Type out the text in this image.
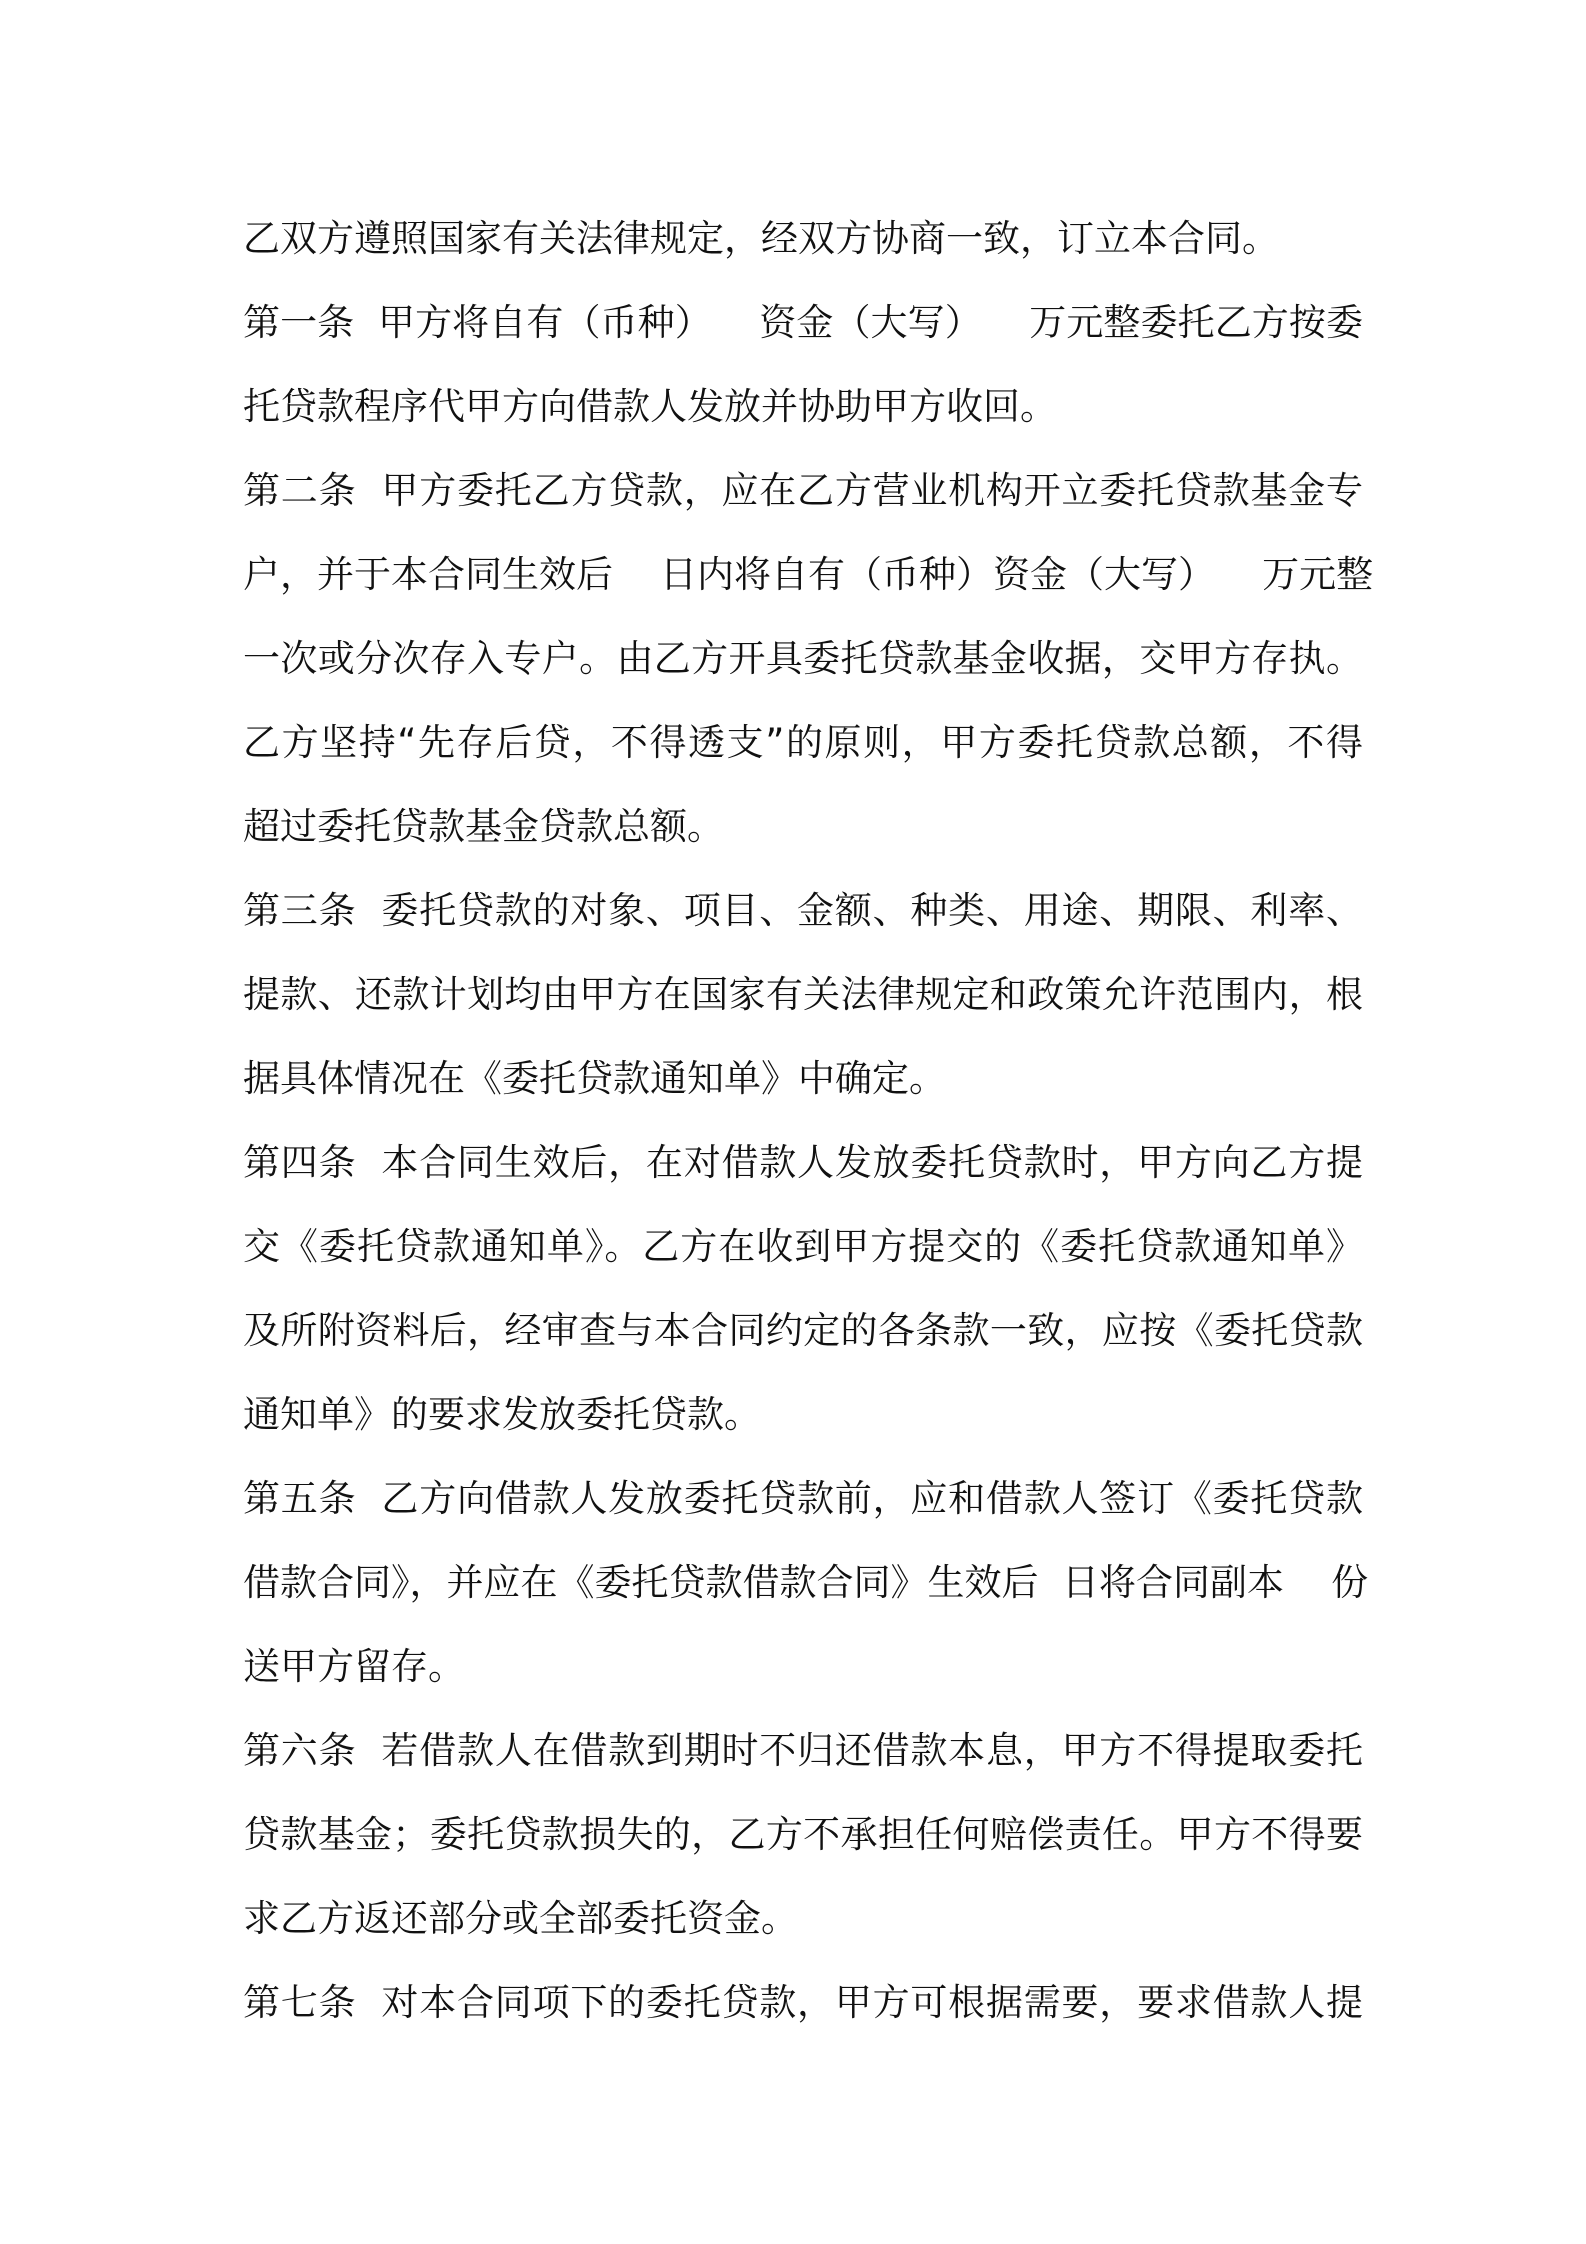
乙双方遵照国家有关法律规定，经双方协商一致，订立本合同。
第一条  甲方将自有（币种）    资金（大写）    万元整委托乙方按委
托贷款程序代甲方向借款人发放并协助甲方收回。
第二条  甲方委托乙方贷款，应在乙方营业机构开立委托贷款基金专
户，并于本合同生效后    日内将自有（币种）资金（大写）    万元整
一次或分次存入专户。由乙方开具委托贷款基金收据，交甲方存执。
乙方坚持“先存后贷，不得透支”的原则，甲方委托贷款总额，不得
超过委托贷款基金贷款总额。
第三条  委托贷款的对象、项目、金额、种类、用途、期限、利率、
提款、还款计划均由甲方在国家有关法律规定和政策允许范围内，根
据具体情况在《委托贷款通知单》中确定。
第四条  本合同生效后，在对借款人发放委托贷款时，甲方向乙方提
交《委托贷款通知单》。乙方在收到甲方提交的《委托贷款通知单》
及所附资料后，经审查与本合同约定的各条款一致，应按《委托贷款
通知单》的要求发放委托贷款。
第五条  乙方向借款人发放委托贷款前，应和借款人签订《委托贷款
借款合同》，并应在《委托贷款借款合同》生效后  日将合同副本    份
送甲方留存。
第六条  若借款人在借款到期时不归还借款本息，甲方不得提取委托
贷款基金；委托贷款损失的，乙方不承担任何赔偿责任。甲方不得要
求乙方返还部分或全部委托资金。
第七条  对本合同项下的委托贷款，甲方可根据需要，要求借款人提
